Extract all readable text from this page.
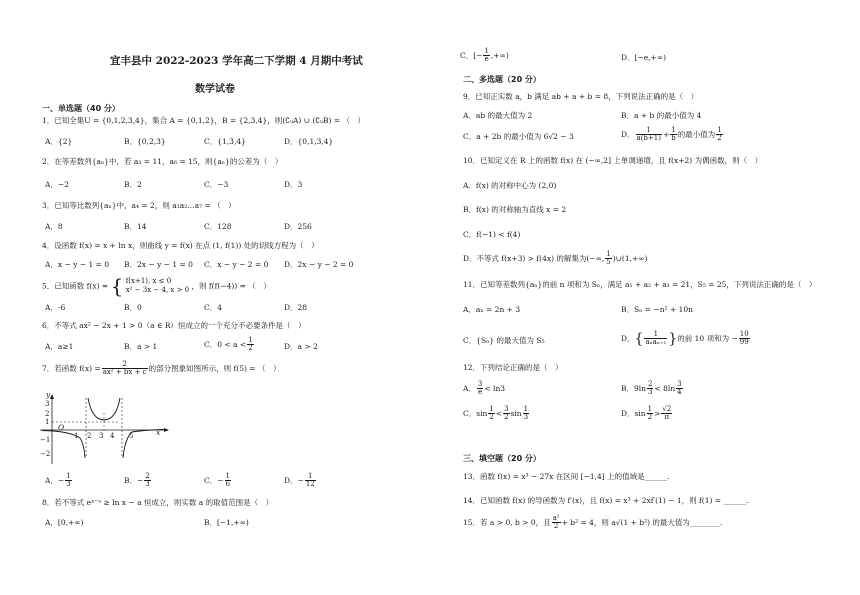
宜丰县中 2022-2023 学年高二下学期 4 月期中考试
数学试卷
一、单选题（40 分）
1．已知全集U = {0,1,2,3,4}，集合 A = {0,1,2}，B = {2,3,4}，则(∁ᵤA) ∪ (∁ᵤB) = （　）
A．{2}	B．{0,2,3}	C．{1,3,4}	D．{0,1,3,4}
2．在等差数列{aₙ}中，若 a₃ = 11，a₆ = 15，则{aₙ}的公差为（　）
A．−2	B．2	C．−3	D．3
3．已知等比数列{aₙ}中，a₄ = 2，则 a₁a₂…a₇ = （　）
A．8	B．14	C．128	D．256
4．设函数 f(x) = x + ln x，则曲线 y = f(x) 在点 (1, f(1)) 处的切线方程为（　）
A．x − y − 1 = 0 B．2x − y − 1 = 0 C．x − y − 2 = 0 D．2x − y − 2 = 0
5．已知函数 f(x) = { f(x+1), x ≤ 0
x² − 3x − 4, x > 0 ，则 f(f(−4)) = （　）
A．-6	B．0	C．4	D．28
6．不等式 ax² − 2x + 1 > 0（a ∈ R）恒成立的一个充分不必要条件是（　）
A．a≥1	B．a > 1	C．$0 < a < \frac{1}{2}$	D．a > 2
7．若函数 $f(x) = \frac{2}{\text{ax² + bx + c}}$ 的部分图象如图所示，则 f(5) = （　）
y
x
O
3
2
1
−1
−2
1 2 3 4 5
A．− $\frac{1}{3}$	B．− $\frac{2}{3}$	C．− $\frac{1}{6}$	D．− $\frac{1}{12}$
8．若不等式 eˣ⁻ᵃ ≥ ln x − a 恒成立，则实数 a 的取值范围是（　）
A．[0,+∞)	B．[−1,+∞)
C．[− $\frac{1}{e}$ ,+∞)	D．[−e,+∞)
二、多选题（20 分）
9．已知正实数 a，b 满足 ab + a + b = 8，下列说法正确的是（　）
A．ab 的最大值为 2	B．a + b 的最小值为 4
C．a + 2b 的最小值为 6√2 − 3	D． $\frac{1}{a(b+1)} + \frac{1}{b}$ 的最小值为 $\frac{1}{2}$
10．已知定义在 R 上的函数 f(x) 在 (−∞,2] 上单调递增，且 f(x+2) 为偶函数，则（　）
A．f(x) 的对称中心为 (2,0)
B．f(x) 的对称轴为直线 x = 2
C．f(−1) < f(4)
D．不等式 f(x+3) > f(4x) 的解集为(−∞, $\frac{1}{5}$ )∪(1,+∞)
11．已知等差数列{aₙ}的前 n 项和为 Sₙ，满足 a₁ + a₂ + a₃ = 21，S₅ = 25，下列说法正确的是（　）
A．aₙ = 2n + 3	B．Sₙ = −n² + 10n
C．{Sₙ} 的最大值为 S₅	D．{ $\frac{1}{\text{aₙaₙ₊₁}}$ }的前 10 项和为 − $\frac{10}{99}$
12．下列结论正确的是（　）
A． $\frac{3}{e} < \ln 3$	B．$9\ln \frac{2}{3} < 8\ln \frac{3}{4}$
C．$\sin \frac{1}{2} < \frac{3}{2}$ $\sin \frac{1}{3}$	D．$\sin \frac{1}{2} > \frac{√2}{\pi}$
三、填空题（20 分）
13．函数 f(x) = x³ − 27x 在区间 [−1,4] 上的值域是______.
14．已知函数 f(x) 的导函数为 f′(x)，且 f(x) = x³ + 2xf′(1) − 1，则 f(1) = ______.
15．若 a > 0, b > 0，且 $\frac{\text{a²}}{2} + b^2 = 4$，则 a√(1 + b²) 的最大值为________.
